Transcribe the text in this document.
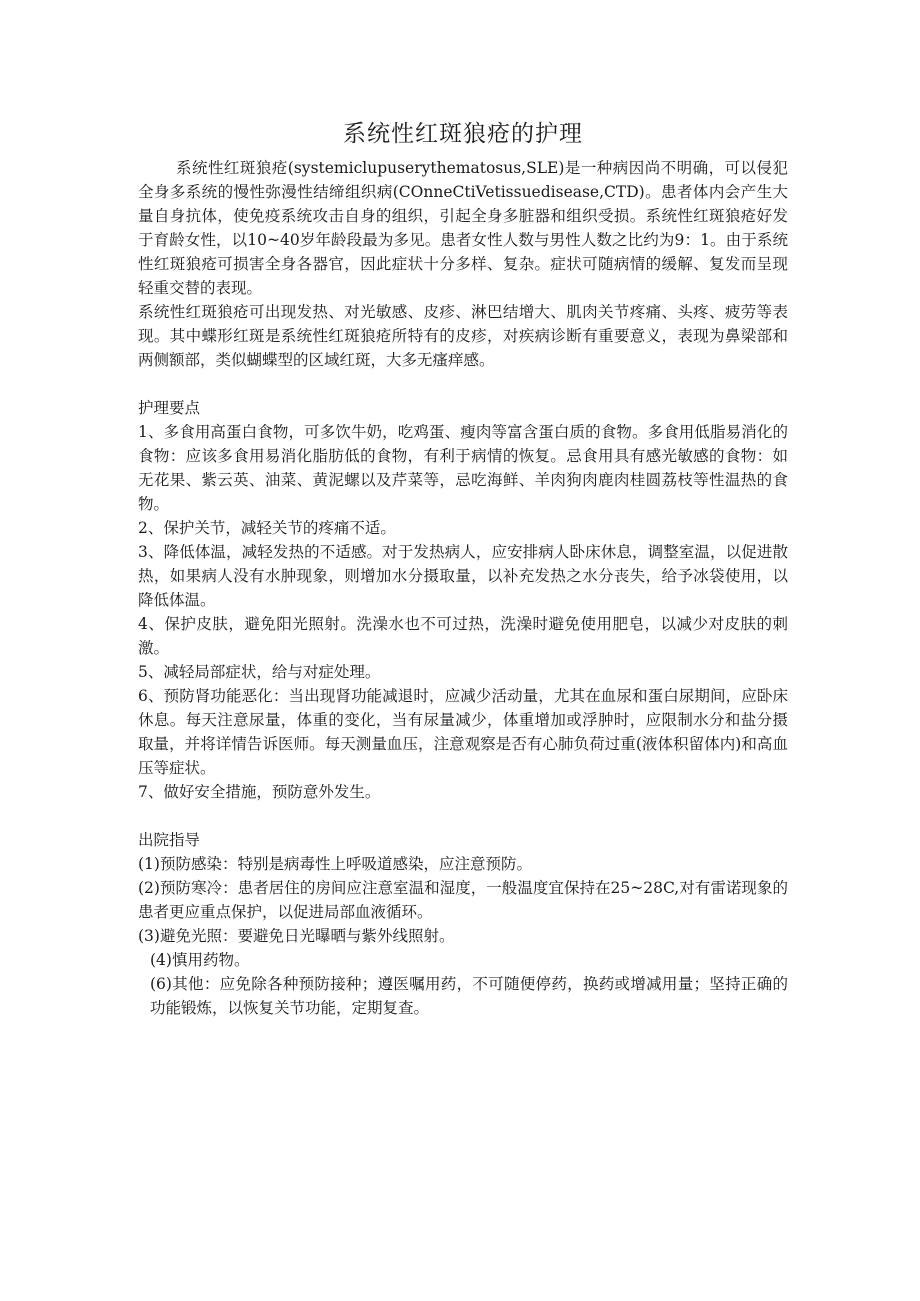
系统性红斑狼疮的护理

系统性红斑狼疮(systemiclupuserythematosus,SLE)是一种病因尚不明确，可以侵犯全身多系统的慢性弥漫性结缔组织病(COnneCtiVetissuedisease,CTD)。患者体内会产生大量自身抗体，使免疫系统攻击自身的组织，引起全身多脏器和组织受损。系统性红斑狼疮好发于育龄女性，以10~40岁年龄段最为多见。患者女性人数与男性人数之比约为9：1。由于系统性红斑狼疮可损害全身各器官，因此症状十分多样、复杂。症状可随病情的缓解、复发而呈现轻重交替的表现。

系统性红斑狼疮可出现发热、对光敏感、皮疹、淋巴结增大、肌肉关节疼痛、头疼、疲劳等表现。其中蝶形红斑是系统性红斑狼疮所特有的皮疹，对疾病诊断有重要意义，表现为鼻梁部和两侧额部，类似蝴蝶型的区域红斑，大多无瘙痒感。

护理要点

1、多食用高蛋白食物，可多饮牛奶，吃鸡蛋、瘦肉等富含蛋白质的食物。多食用低脂易消化的食物：应该多食用易消化脂肪低的食物，有利于病情的恢复。忌食用具有感光敏感的食物：如无花果、紫云英、油菜、黄泥螺以及芹菜等，忌吃海鲜、羊肉狗肉鹿肉桂圆荔枝等性温热的食物。

2、保护关节，减轻关节的疼痛不适。

3、降低体温，减轻发热的不适感。对于发热病人，应安排病人卧床休息，调整室温，以促进散热，如果病人没有水肿现象，则增加水分摄取量，以补充发热之水分丧失，给予冰袋使用，以降低体温。

4、保护皮肤，避免阳光照射。洗澡水也不可过热，洗澡时避免使用肥皂，以减少对皮肤的刺激。

5、减轻局部症状，给与对症处理。

6、预防肾功能恶化：当出现肾功能减退时，应减少活动量，尤其在血尿和蛋白尿期间，应卧床休息。每天注意尿量，体重的变化，当有尿量减少，体重增加或浮肿时，应限制水分和盐分摄取量，并将详情告诉医师。每天测量血压，注意观察是否有心肺负荷过重(液体积留体内)和高血压等症状。

7、做好安全措施，预防意外发生。

出院指导

(1)预防感染：特别是病毒性上呼吸道感染，应注意预防。

(2)预防寒冷：患者居住的房间应注意室温和湿度，一般温度宜保持在25~28C,对有雷诺现象的患者更应重点保护，以促进局部血液循环。

(3)避免光照：要避免日光曝晒与紫外线照射。

(4)慎用药物。

(6)其他：应免除各种预防接种；遵医嘱用药，不可随便停药，换药或增减用量；坚持正确的功能锻炼，以恢复关节功能，定期复查。
